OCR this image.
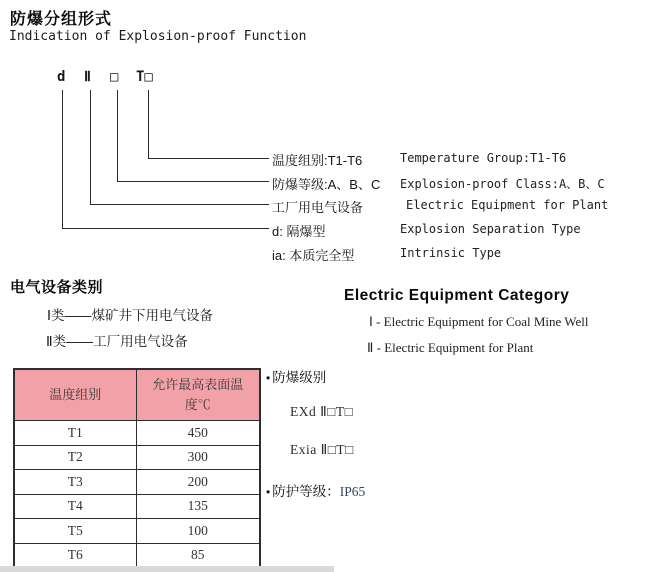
防爆分组形式
Indication of Explosion-proof Function
d Ⅱ □ T□
温度组别:T1-T6	Temperature Group:T1-T6
防爆等级:A、B、C Explosion-proof Class:A、B、C
工厂用电气设备	Electric Equipment for Plant
d: 隔爆型	Explosion Separation Type
ia: 本质完全型	Intrinsic Type
电气设备类别
Ⅰ类——煤矿井下用电气设备
Ⅱ类——工厂用电气设备
Electric Equipment Category
Ⅰ - Electric Equipment for Coal Mine Well
Ⅱ - Electric Equipment for Plant
温度组别	允许最高表面温度℃
T1	450
T2	300
T3	200
T4	135
T5	100
T6	85
• 防爆级别
EXd Ⅱ□T□
Exia Ⅱ□T□
• 防护等级：IP65
